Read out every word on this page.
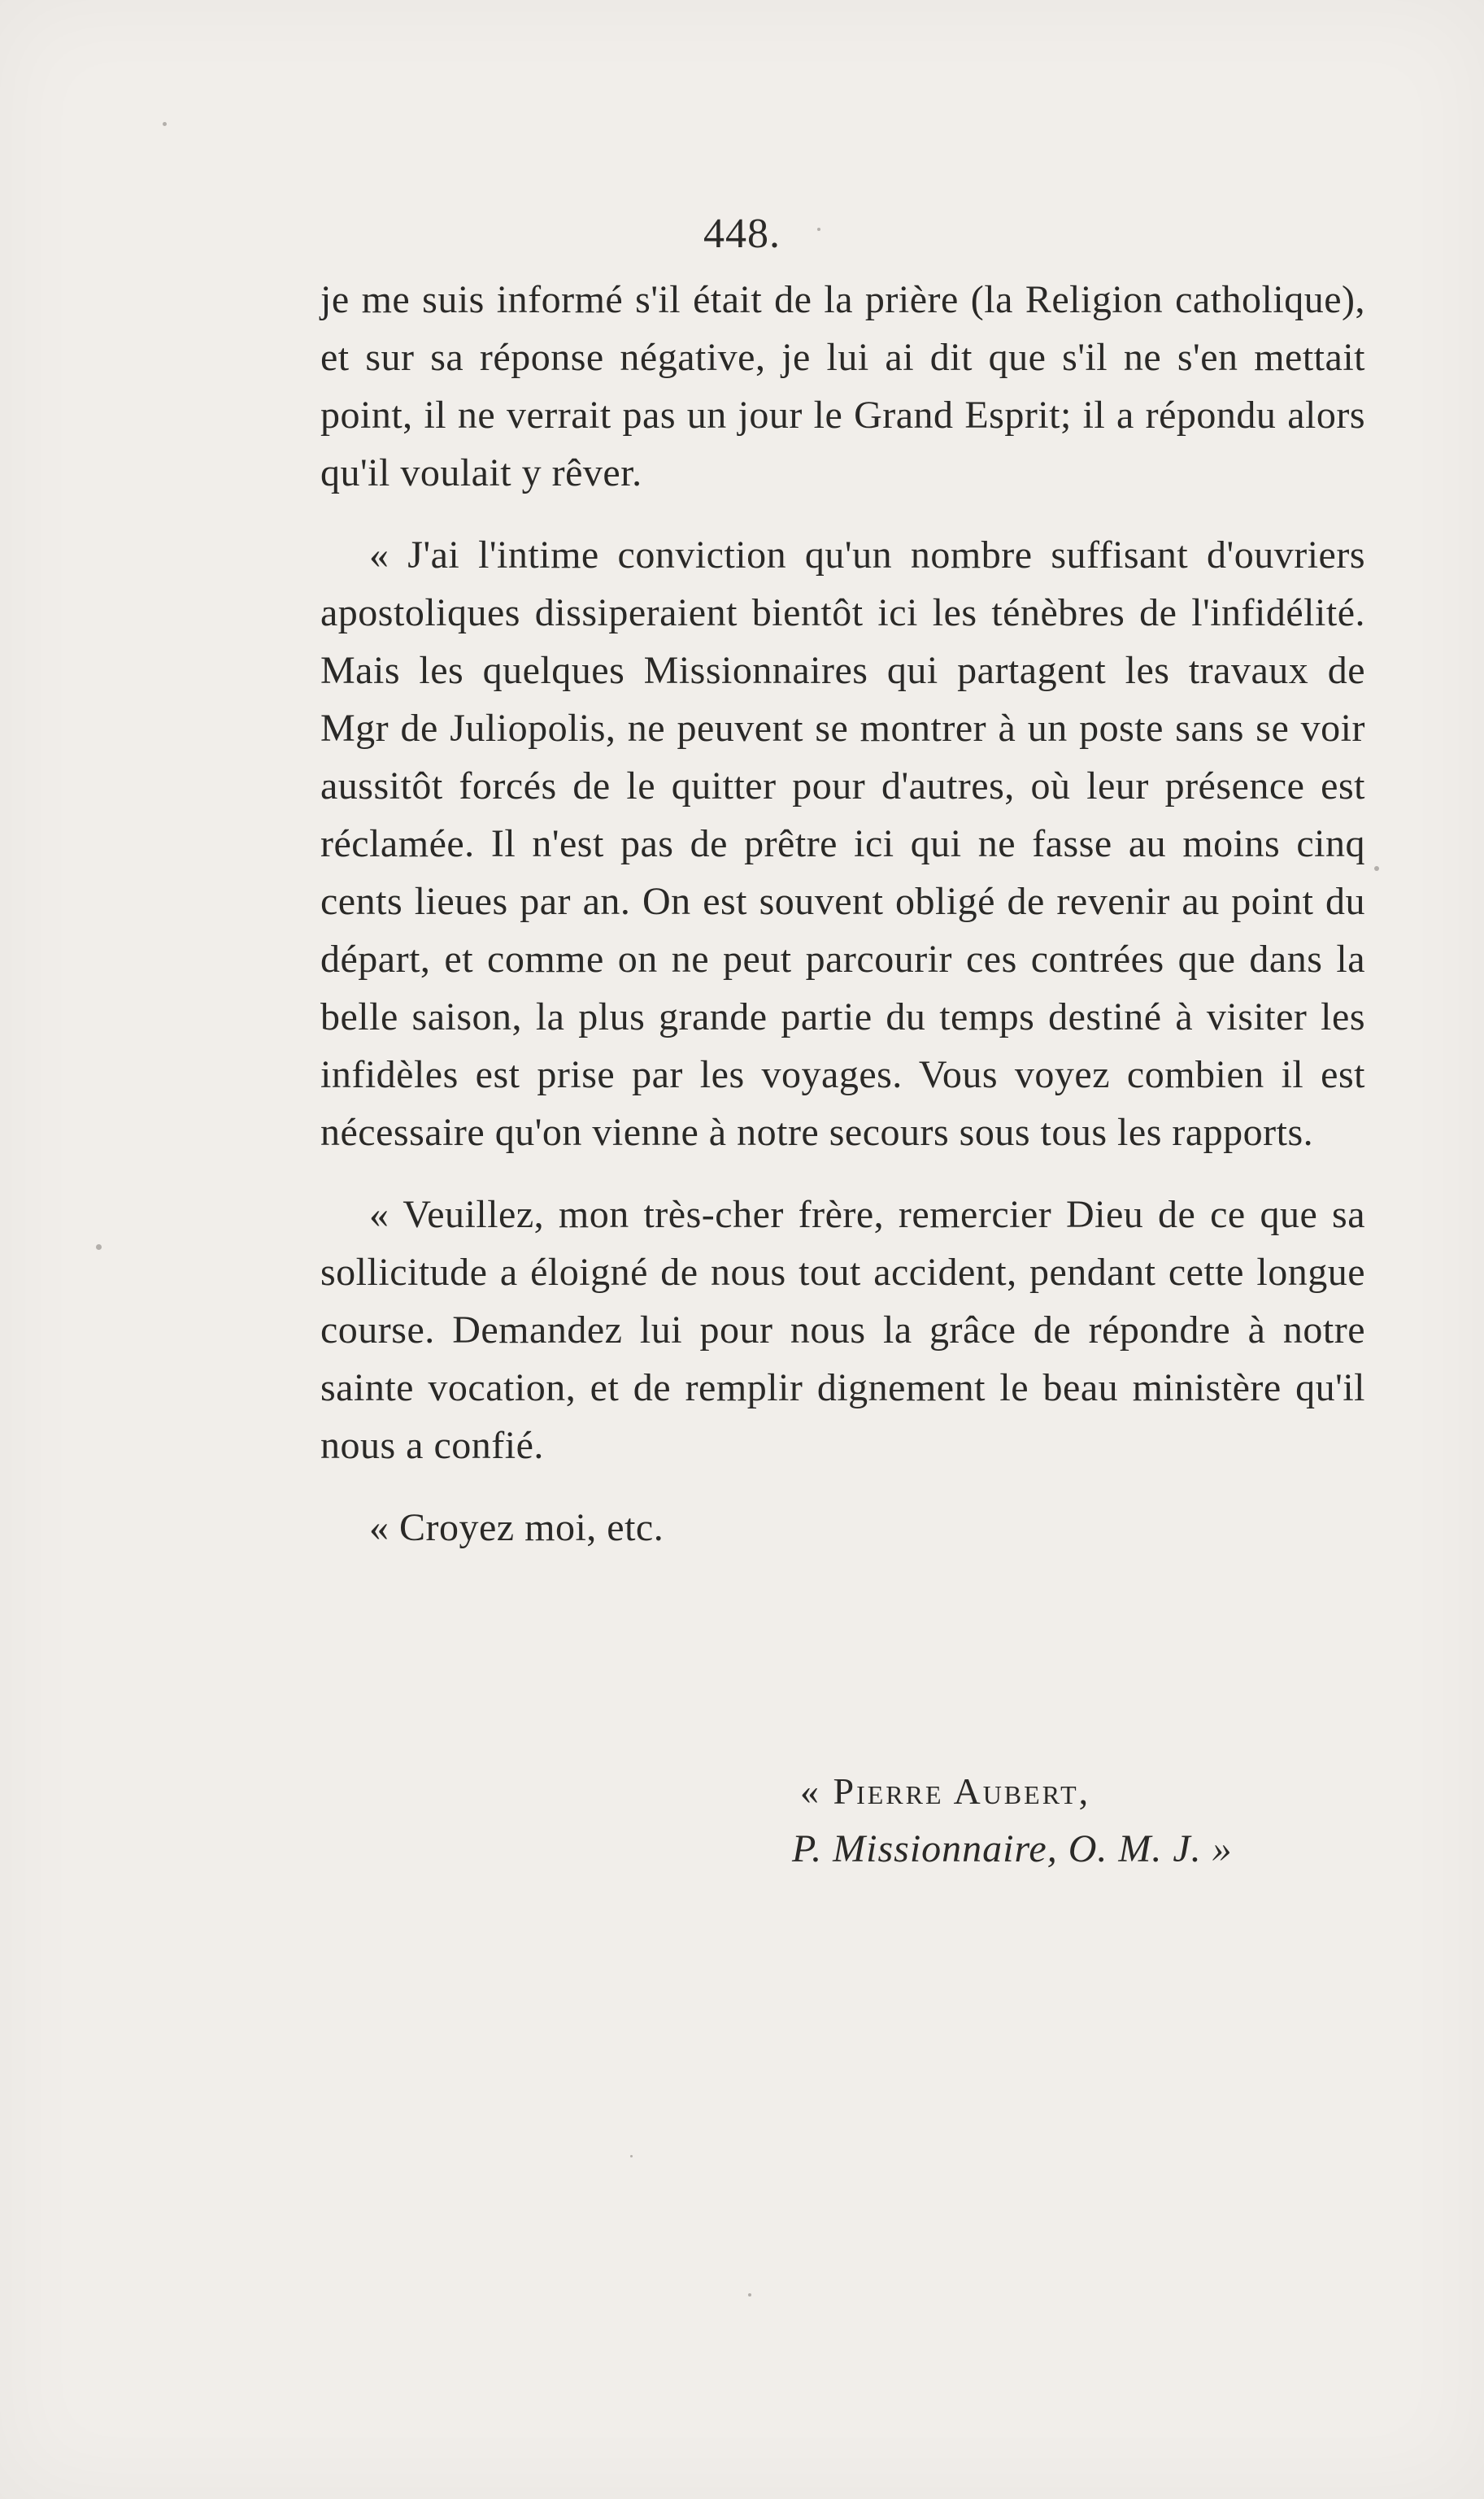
448.

je me suis informé s'il était de la prière (la Religion catholique), et sur sa réponse négative, je lui ai dit que s'il ne s'en mettait point, il ne verrait pas un jour le Grand Esprit; il a répondu alors qu'il voulait y rêver.

« J'ai l'intime conviction qu'un nombre suffisant d'ouvriers apostoliques dissiperaient bientôt ici les ténèbres de l'infidélité. Mais les quelques Missionnaires qui partagent les travaux de Mgr de Juliopolis, ne peuvent se montrer à un poste sans se voir aussitôt forcés de le quitter pour d'autres, où leur présence est réclamée. Il n'est pas de prêtre ici qui ne fasse au moins cinq cents lieues par an. On est souvent obligé de revenir au point du départ, et comme on ne peut parcourir ces contrées que dans la belle saison, la plus grande partie du temps destiné à visiter les infidèles est prise par les voyages. Vous voyez combien il est nécessaire qu'on vienne à notre secours sous tous les rapports.

« Veuillez, mon très-cher frère, remercier Dieu de ce que sa sollicitude a éloigné de nous tout accident, pendant cette longue course. Demandez lui pour nous la grâce de répondre à notre sainte vocation, et de remplir dignement le beau ministère qu'il nous a confié.

« Croyez moi, etc.

« Pierre Aubert,
P. Missionnaire, O. M. J. »
